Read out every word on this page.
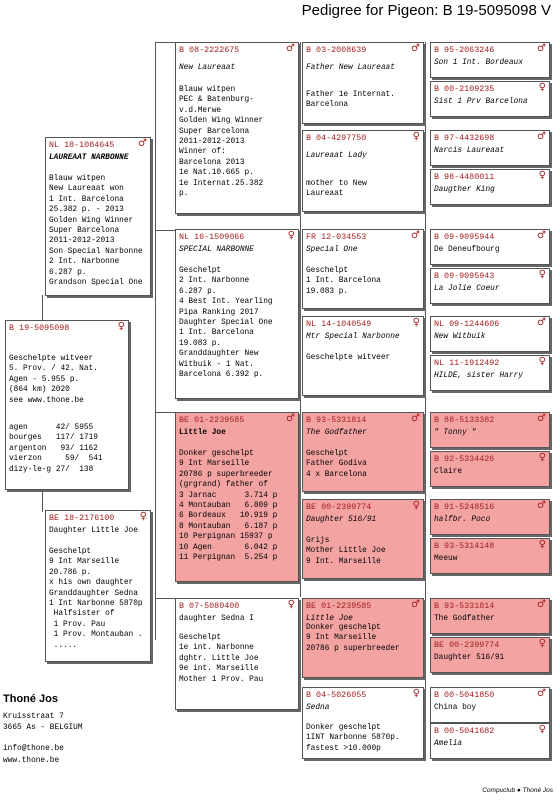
Pedigree for Pigeon: B 19-5095098 V
B 19-5095098	♀
Geschelpte witveer
5. Prov. / 42. Nat.
Agen - 5.955 p.
(864 km) 2020
see www.thone.be
agen	42/ 5955
bourges 117/ 1719
argenton 93/ 1162
vierzon	59/  541
dizy-le-g 27/  138
NL 18-1084645 ♂
LAUREAAT NARBONNE
Blauw witpen
New Laureaat won
1 Int. Barcelona
25.382 p. - 2013
Golden Wing Winner
Super Barcelona
2011-2012-2013
Son Special Narbonne
2 Int. Narbonne
6.287 p.
Grandson Special One
BE 18-2176100	♀
Daughter Little Joe
Geschelpt
9 Int Marseille
20.786 p.
x his own daughter
Granddaughter Sedna
1 Int Narbonne 5870p
Halfsister of
1 Prov. Pau
1 Prov. Montauban .
.....
B 08-2222675	♂
New Laureaat
Blauw witpen
PEC & Batenburg-
v.d.Merwe
Golden Wing Winner
Super Barcelona
2011-2012-2013
Winner of:
Barcelona 2013
1e Nat.10.665 p.
1e Internat.25.382
p.
NL 16-1509066	♀
SPECIAL NARBONNE
Geschelpt
2 Int. Narbonne
6.287 p.
4 Best Int. Yearling
Pipa Ranking 2017
Daughter Special One
1 Int. Barcelona
19.083 p.
Granddaughter New
Witbuik - 1 Nat.
Barcelona 6.392 p.
BE 01-2239585	♂
Little Joe
Donker geschelpt
9 Int Marseille
20786 p superbreeder
(grgrand) father of
3 Jarnac      3.714 p
4 Montauban   6.809 p
6 Bordeaux   10.919 p
8 Montauban   6.187 p
10 Perpignan 15937 p
10 Agen       6.042 p
11 Perpignan  5.254 p
B 07-5080400	♀
daughter Sedna I
Geschelpt
1e int. Narbonne
dghtr. Little Joe
9e int. Marseille
Mother 1 Prov. Pau
B 03-2008639	♂
Father New Laureaat
Father 1e Internat.
Barcelona
B 04-4297750	♀
Laureaat Lady
mother to New
Laureaat
FR 12-034553	♂
Special One
Geschelpt
1 Int. Barcelona
19.083 p.
NL 14-1040549	♀
Mtr Special Narbonne
Geschelpte witveer
B 93-5331814	♂
The Godfather
Geschelpt
Father Godiva
4 x Barcelona
BE 00-2399774	♀
Daughter 516/91
Grijs
Mother Little Joe
9 Int. Marseille
BE 01-2239585	♂
Little Joe
Donker geschelpt
9 Int Marseille
20786 p superbreeder
B 04-5026055	♀
Sedna
Donker geschelpt
1INT Narbonne 5870p.
fastest >10.000p
B 95-2063246	♂
Son 1 Int. Bordeaux
B 00-2109235	♀
Sist 1 Prv Barcelona
B 97-4432698	♂
Narcis Laureaat
B 98-4480011	♀
Daugther King
B 09-9095944	♂
De Deneufbourg
B 09-9095943	♀
La Jolie Coeur
NL 09-1244606	♂
New Witbuik
NL 11-1912492	♀
HILDE, sister Harry
B 88-5133382	♂
" Tonny "
B 92-5334426	♀
Claire
B 91-5248516	♂
halfbr. Poco
B 93-5314148	♀
Meeuw
B 93-5331814	♂
The Godfather
BE 00-2399774	♀
Daughter 516/91
B 00-5041850	♂
China boy
B 00-5041682	♀
Amelia
Thoné Jos
Kruisstraat 7
3665 As - BELGIUM
info@thone.be
www.thone.be
Compuclub ● Thoné Jos
